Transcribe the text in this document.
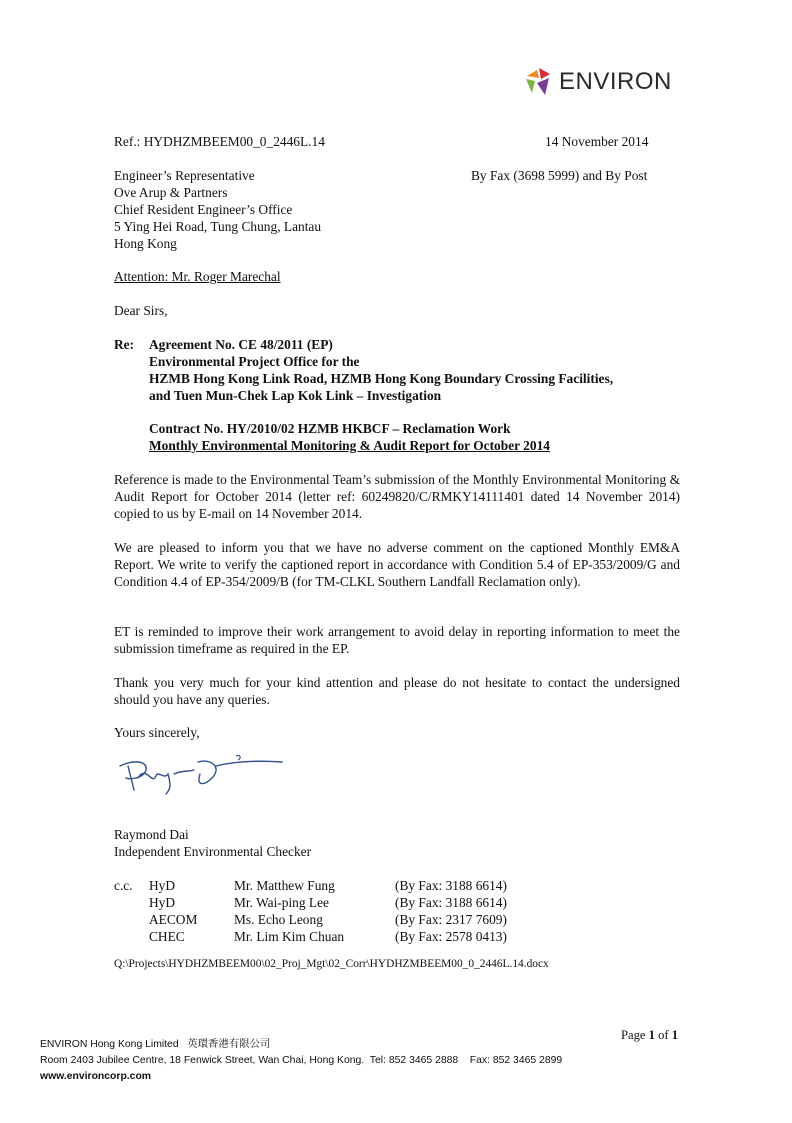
ENVIRON
Ref.: HYDHZMBEEM00_0_2446L.14	14 November 2014
By Fax (3698 5999) and By Post
Engineer’s Representative
Ove Arup & Partners
Chief Resident Engineer’s Office
5 Ying Hei Road, Tung Chung, Lantau
Hong Kong
Attention: Mr. Roger Marechal
Dear Sirs,
Re: Agreement No. CE 48/2011 (EP)
Environmental Project Office for the
HZMB Hong Kong Link Road, HZMB Hong Kong Boundary Crossing Facilities,
and Tuen Mun-Chek Lap Kok Link – Investigation
Contract No. HY/2010/02 HZMB HKBCF – Reclamation Work
Monthly Environmental Monitoring & Audit Report for October 2014
Reference is made to the Environmental Team’s submission of the Monthly Environmental Monitoring & Audit Report for October 2014 (letter ref: 60249820/C/RMKY14111401 dated 14 November 2014) copied to us by E-mail on 14 November 2014.
We are pleased to inform you that we have no adverse comment on the captioned Monthly EM&A Report. We write to verify the captioned report in accordance with Condition 5.4 of EP-353/2009/G and Condition 4.4 of EP-354/2009/B (for TM-CLKL Southern Landfall Reclamation only).
ET is reminded to improve their work arrangement to avoid delay in reporting information to meet the submission timeframe as required in the EP.
Thank you very much for your kind attention and please do not hesitate to contact the undersigned should you have any queries.
Yours sincerely,
Raymond Dai
Independent Environmental Checker
c.c. HyD	Mr. Matthew Fung	(By Fax: 3188 6614)
HyD	Mr. Wai-ping Lee	(By Fax: 3188 6614)
AECOM	Ms. Echo Leong	(By Fax: 2317 7609)
CHEC	Mr. Lim Kim Chuan	(By Fax: 2578 0413)
Q:\Projects\HYDHZMBEEM00\02_Proj_Mgt\02_Corr\HYDHZMBEEM00_0_2446L.14.docx
Page 1 of 1
ENVIRON Hong Kong Limited 英環香港有限公司
Room 2403 Jubilee Centre, 18 Fenwick Street, Wan Chai, Hong Kong.  Tel: 852 3465 2888    Fax: 852 3465 2899
www.environcorp.com
